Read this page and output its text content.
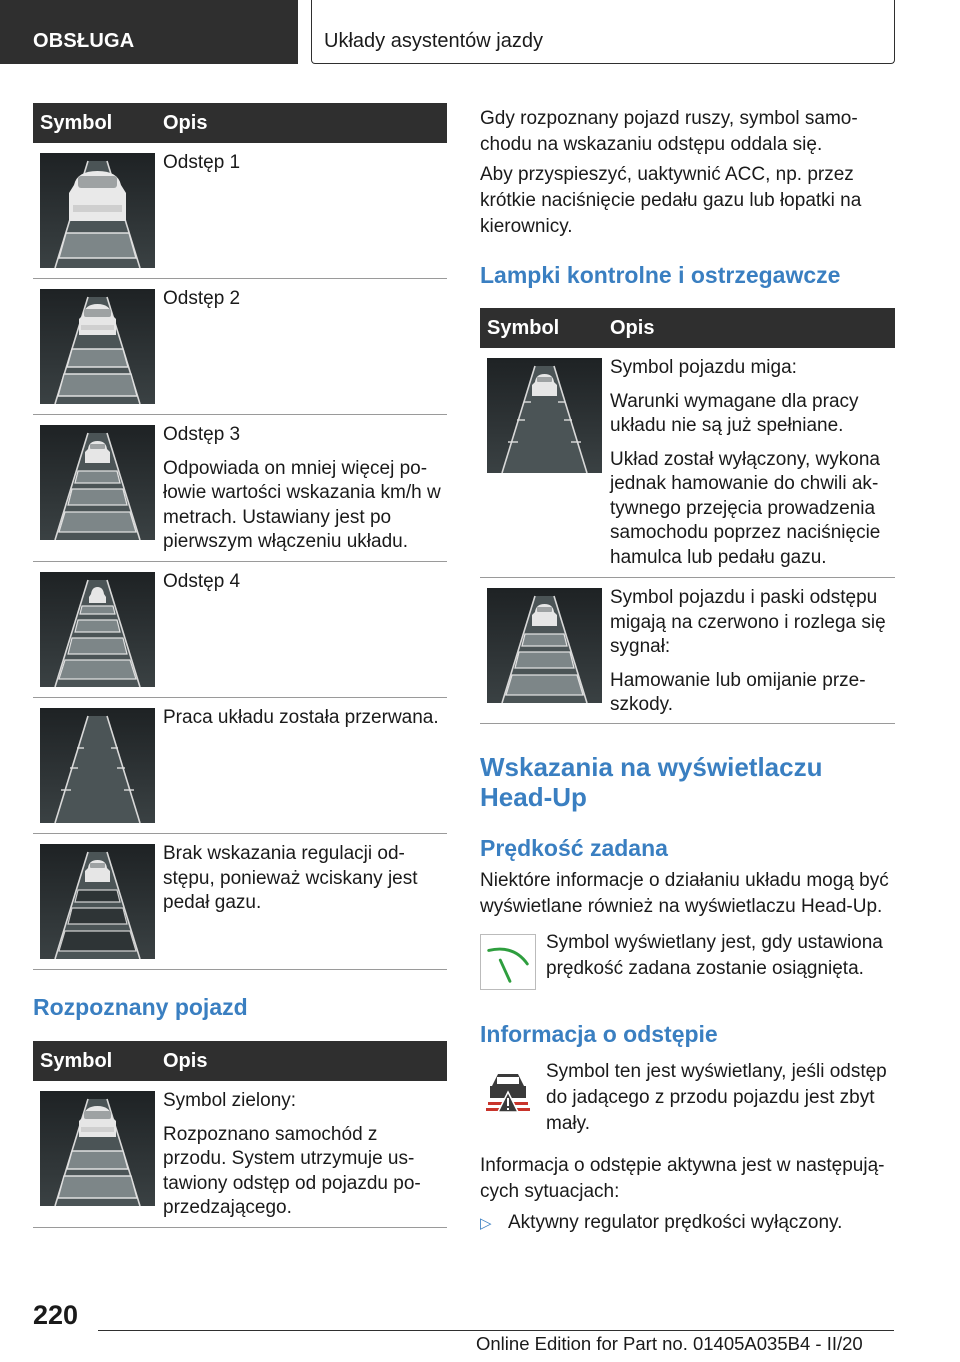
OBSŁUGA	Układy asystentów jazdy
Symbol	Opis

Odstęp 1

Odstęp 2

Odstęp 3

Odpowiada on mniej więcej połowie wartości wskazania km/h w metrach. Ustawiany jest po pierwszym włączeniu układu.

Odstęp 4

Praca układu została przerwana.

Brak wskazania regulacji odstępu, ponieważ wciskany jest pedał gazu.

Rozpoznany pojazd
Symbol	Opis

Symbol zielony:

Rozpoznano samochód z przodu. System utrzymuje ustawiony odstęp od pojazdu poprzedzającego.

Gdy rozpoznany pojazd ruszy, symbol samochodu na wskazaniu odstępu oddala się.
Aby przyspieszyć, uaktywnić ACC, np. przez krótkie naciśnięcie pedału gazu lub łopatki na kierownicy.
Lampki kontrolne i ostrzegawcze
Symbol	Opis

Symbol pojazdu miga:

Warunki wymagane dla pracy układu nie są już spełniane.

Układ został wyłączony, wykona jednak hamowanie do chwili aktywnego przejęcia prowadzenia samochodu poprzez naciśnięcie hamulca lub pedału gazu.

Symbol pojazdu i paski odstępu migają na czerwono i rozlega się sygnał:

Hamowanie lub omijanie przeszkody.

Wskazania na wyświetlaczu
Head-Up
Prędkość zadana
Niektóre informacje o działaniu układu mogą być wyświetlane również na wyświetlaczu Head-Up.
Symbol wyświetlany jest, gdy ustawiona prędkość zadana zostanie osiągnięta.
Informacja o odstępie
Symbol ten jest wyświetlany, jeśli odstęp do jadącego z przodu pojazdu jest zbyt mały.
Informacja o odstępie aktywna jest w następujących sytuacjach:
▷ Aktywny regulator prędkości wyłączony.
220
Online Edition for Part no. 01405A035B4 - II/20
